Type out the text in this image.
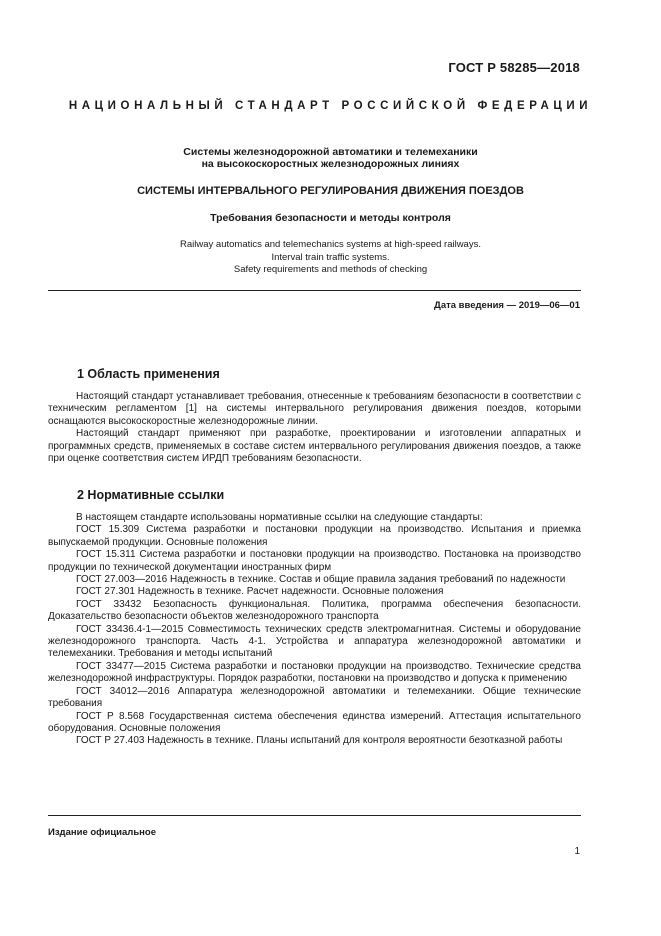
ГОСТ Р 58285—2018
НАЦИОНАЛЬНЫЙ СТАНДАРТ РОССИЙСКОЙ ФЕДЕРАЦИИ
Системы железнодорожной автоматики и телемеханики
на высокоскоростных железнодорожных линиях
СИСТЕМЫ ИНТЕРВАЛЬНОГО РЕГУЛИРОВАНИЯ ДВИЖЕНИЯ ПОЕЗДОВ
Требования безопасности и методы контроля
Railway automatics and telemechanics systems at high-speed railways.
Interval train traffic systems.
Safety requirements and methods of checking
Дата введения — 2019—06—01
1 Область применения

Настоящий стандарт устанавливает требования, отнесенные к требованиям безопасности в соответствии с техническим регламентом [1] на системы интервального регулирования движения поездов, которыми оснащаются высокоскоростные железнодорожные линии.

Настоящий стандарт применяют при разработке, проектировании и изготовлении аппаратных и программных средств, применяемых в составе систем интервального регулирования движения поездов, а также при оценке соответствия систем ИРДП требованиям безопасности.

2 Нормативные ссылки

В настоящем стандарте использованы нормативные ссылки на следующие стандарты:

ГОСТ 15.309 Система разработки и постановки продукции на производство. Испытания и приемка выпускаемой продукции. Основные положения

ГОСТ 15.311 Система разработки и постановки продукции на производство. Постановка на производство продукции по технической документации иностранных фирм

ГОСТ 27.003—2016 Надежность в технике. Состав и общие правила задания требований по надежности

ГОСТ 27.301 Надежность в технике. Расчет надежности. Основные положения

ГОСТ 33432 Безопасность функциональная. Политика, программа обеспечения безопасности. Доказательство безопасности объектов железнодорожного транспорта

ГОСТ 33436.4-1—2015 Совместимость технических средств электромагнитная. Системы и оборудование железнодорожного транспорта. Часть 4-1. Устройства и аппаратура железнодорожной автоматики и телемеханики. Требования и методы испытаний

ГОСТ 33477—2015 Система разработки и постановки продукции на производство. Технические средства железнодорожной инфраструктуры. Порядок разработки, постановки на производство и допуска к применению

ГОСТ 34012—2016 Аппаратура железнодорожной автоматики и телемеханики. Общие технические требования

ГОСТ Р 8.568 Государственная система обеспечения единства измерений. Аттестация испытательного оборудования. Основные положения

ГОСТ Р 27.403 Надежность в технике. Планы испытаний для контроля вероятности безотказной работы

Издание официальное
1
